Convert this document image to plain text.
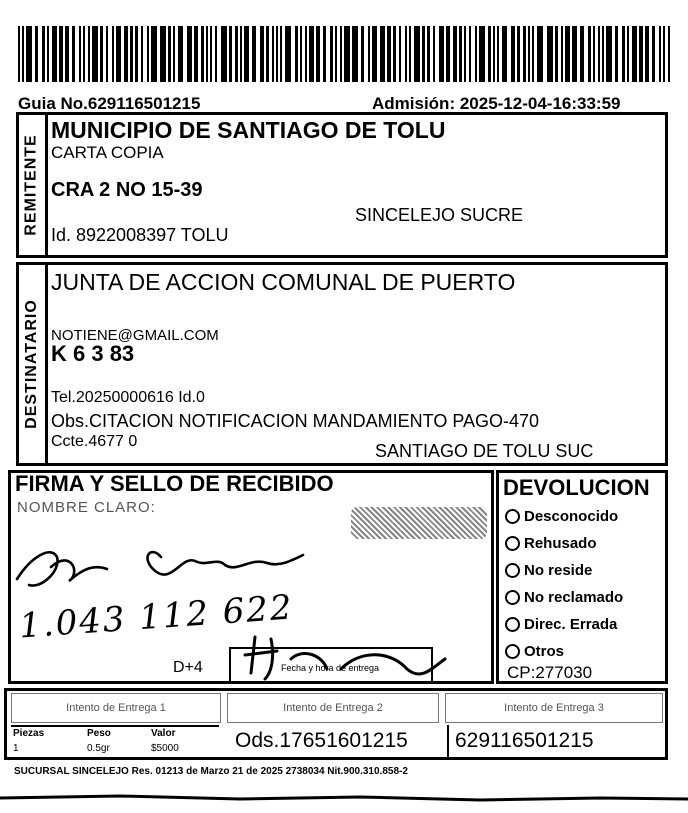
Guia No.629116501215	Admisión: 2025-12-04-16:33:59
REMITENTE
MUNICIPIO DE SANTIAGO DE TOLU
CARTA COPIA
CRA 2 NO 15-39
SINCELEJO SUCRE
Id. 8922008397 TOLU
DESTINATARIO
JUNTA DE ACCION COMUNAL DE PUERTO
NOTIENE@GMAIL.COM
K 6 3 83
Tel.20250000616 Id.0
Obs.CITACION NOTIFICACION MANDAMIENTO PAGO-470
Ccte.4677 0	SANTIAGO DE TOLU SUC
FIRMA Y SELLO DE RECIBIDO
NOMBRE CLARO:
1.043 112 622
D+4	Fecha y hora de entrega
DEVOLUCION
Desconocido
Rehusado
No reside
No reclamado
Direc. Errada
Otros
CP:277030
Intento de Entrega 1	Intento de Entrega 2	Intento de Entrega 3
Piezas	Peso	Valor
1	0.5gr	$5000	Ods.17651601215 629116501215
SUCURSAL SINCELEJO Res. 01213 de Marzo 21 de 2025 2738034 Nit.900.310.858-2
